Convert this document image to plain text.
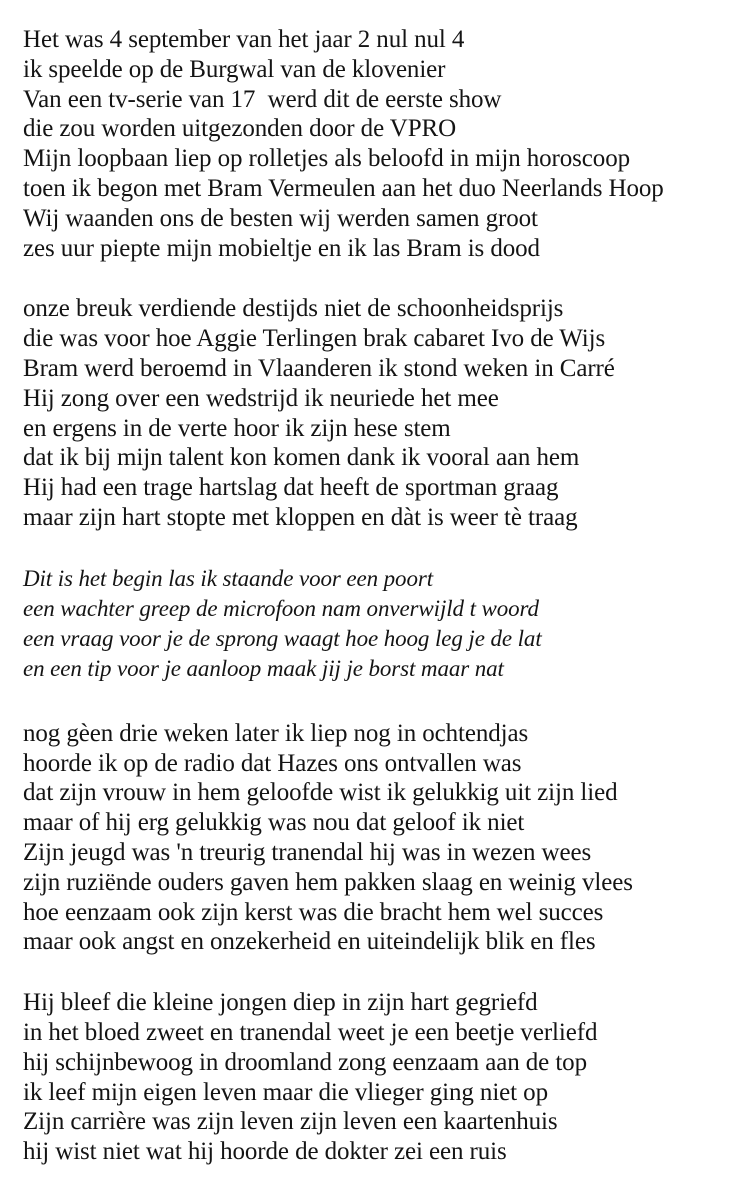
Het was 4 september van het jaar 2 nul nul 4

ik speelde op de Burgwal van de klovenier

Van een tv-serie van 17  werd dit de eerste show

die zou worden uitgezonden door de VPRO

Mijn loopbaan liep op rolletjes als beloofd in mijn horoscoop

toen ik begon met Bram Vermeulen aan het duo Neerlands Hoop

Wij waanden ons de besten wij werden samen groot

zes uur piepte mijn mobieltje en ik las Bram is dood

onze breuk verdiende destijds niet de schoonheidsprijs

die was voor hoe Aggie Terlingen brak cabaret Ivo de Wijs

Bram werd beroemd in Vlaanderen ik stond weken in Carré

Hij zong over een wedstrijd ik neuriede het mee

en ergens in de verte hoor ik zijn hese stem

dat ik bij mijn talent kon komen dank ik vooral aan hem

Hij had een trage hartslag dat heeft de sportman graag

maar zijn hart stopte met kloppen en dàt is weer tè traag

Dit is het begin las ik staande voor een poort

een wachter greep de microfoon nam onverwijld t woord

een vraag voor je de sprong waagt hoe hoog leg je de lat

en een tip voor je aanloop maak jij je borst maar nat

nog gèen drie weken later ik liep nog in ochtendjas

hoorde ik op de radio dat Hazes ons ontvallen was

dat zijn vrouw in hem geloofde wist ik gelukkig uit zijn lied

maar of hij erg gelukkig was nou dat geloof ik niet

Zijn jeugd was 'n treurig tranendal hij was in wezen wees

zijn ruziënde ouders gaven hem pakken slaag en weinig vlees

hoe eenzaam ook zijn kerst was die bracht hem wel succes

maar ook angst en onzekerheid en uiteindelijk blik en fles

Hij bleef die kleine jongen diep in zijn hart gegriefd

in het bloed zweet en tranendal weet je een beetje verliefd

hij schijnbewoog in droomland zong eenzaam aan de top

ik leef mijn eigen leven maar die vlieger ging niet op

Zijn carrière was zijn leven zijn leven een kaartenhuis

hij wist niet wat hij hoorde de dokter zei een ruis
